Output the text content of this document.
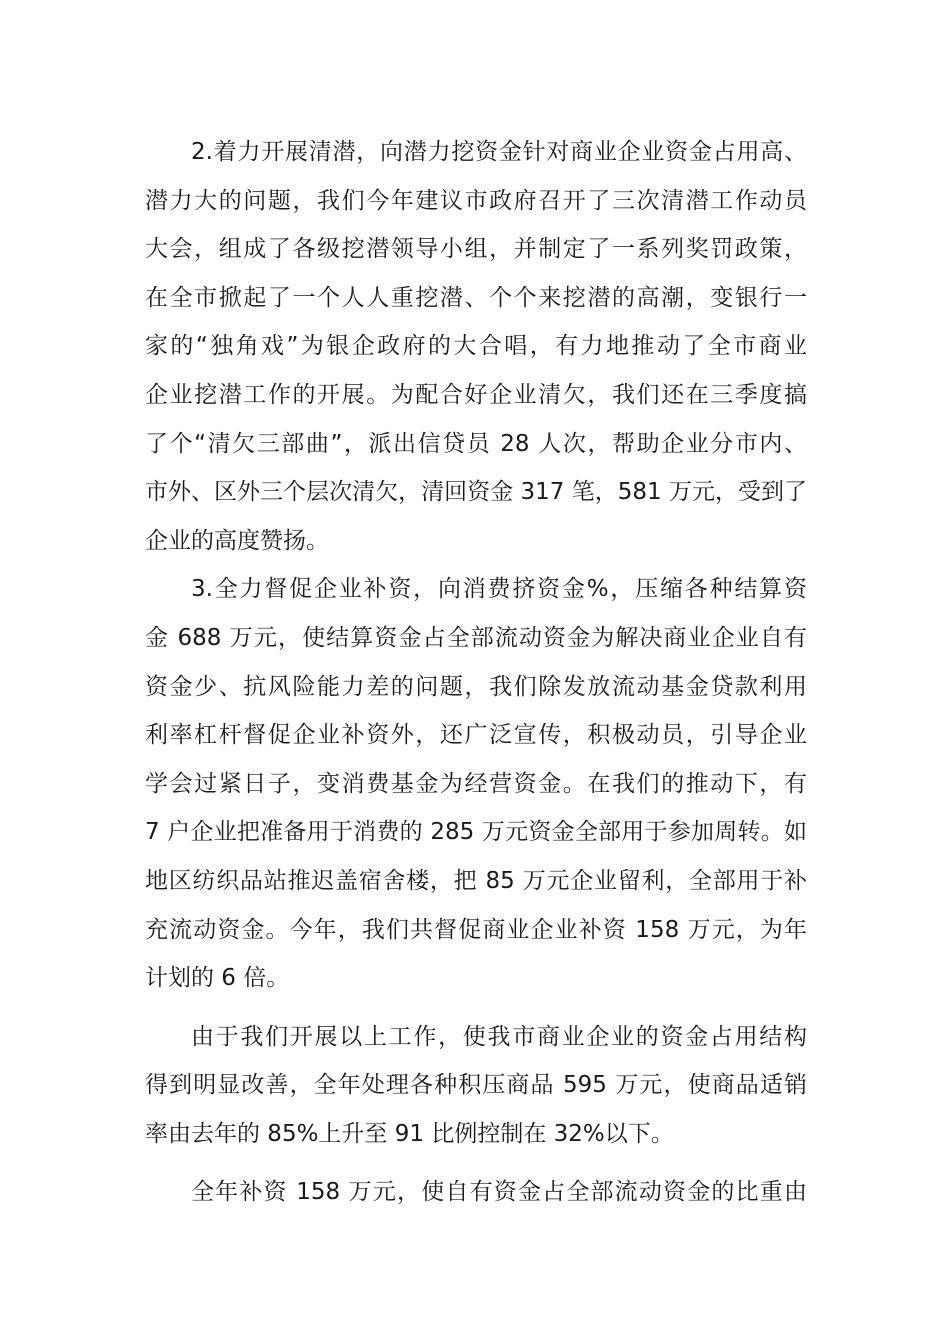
2.着力开展清潜，向潜力挖资金针对商业企业资金占用高、
潜力大的问题，我们今年建议市政府召开了三次清潜工作动员
大会，组成了各级挖潜领导小组，并制定了一系列奖罚政策，
在全市掀起了一个人人重挖潜、个个来挖潜的高潮，变银行一
家的“独角戏”为银企政府的大合唱，有力地推动了全市商业
企业挖潜工作的开展。为配合好企业清欠，我们还在三季度搞
了个“清欠三部曲”，派出信贷员 28 人次，帮助企业分市内、
市外、区外三个层次清欠，清回资金 317 笔，581 万元，受到了
企业的高度赞扬。
3.全力督促企业补资，向消费挤资金%，压缩各种结算资
金 688 万元，使结算资金占全部流动资金为解决商业企业自有
资金少、抗风险能力差的问题，我们除发放流动基金贷款利用
利率杠杆督促企业补资外，还广泛宣传，积极动员，引导企业
学会过紧日子，变消费基金为经营资金。在我们的推动下，有
7 户企业把准备用于消费的 285 万元资金全部用于参加周转。如
地区纺织品站推迟盖宿舍楼，把 85 万元企业留利，全部用于补
充流动资金。今年，我们共督促商业企业补资 158 万元，为年
计划的 6 倍。
由于我们开展以上工作，使我市商业企业的资金占用结构
得到明显改善，全年处理各种积压商品 595 万元，使商品适销
率由去年的 85%上升至 91 比例控制在 32%以下。
全年补资 158 万元，使自有资金占全部流动资金的比重由
